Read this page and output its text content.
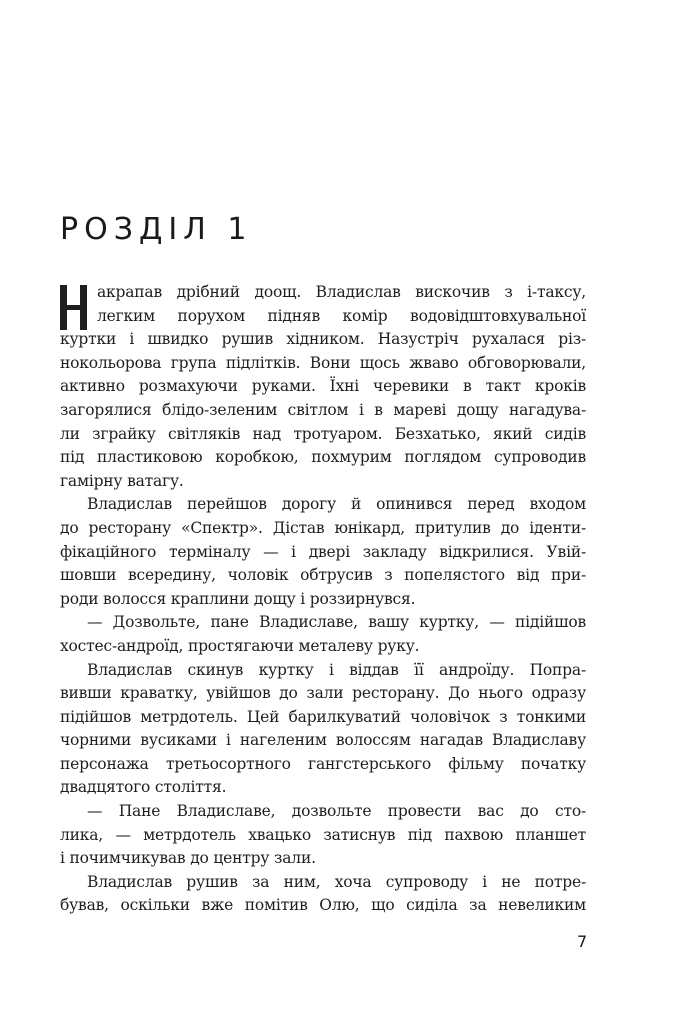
РОЗДІЛ 1
акрапав дрібний доощ. Владислав вискочив з і-таксу,
легким порухом підняв комір водовідштовхувальної
куртки і швидко рушив хідником. Назустріч рухалася різ-
нокольорова група підлітків. Вони щось жваво обговорювали,
активно розмахуючи руками. Їхні черевики в такт кроків
загорялися блідо-зеленим світлом і в мареві дощу нагадува-
ли зграйку світляків над тротуаром. Безхатько, який сидів
під пластиковою коробкою, похмурим поглядом супроводив
гамірну ватагу.
Владислав перейшов дорогу й опинився перед входом
до ресторану «Спектр». Дістав юнікард, притулив до іденти-
фікаційного терміналу — і двері закладу відкрилися. Увій-
шовши всередину, чоловік обтрусив з попелястого від при-
роди волосся краплини дощу і роззирнувся.
— Дозвольте, пане Владиславе, вашу куртку, — підійшов
хостес-андроїд, простягаючи металеву руку.
Владислав скинув куртку і віддав її андроїду. Попра-
вивши краватку, увійшов до зали ресторану. До нього одразу
підійшов метрдотель. Цей барилкуватий чоловічок з тонкими
чорними вусиками і нагеленим волоссям нагадав Владиславу
персонажа третьосортного гангстерського фільму початку
двадцятого століття.
— Пане Владиславе, дозвольте провести вас до сто-
лика, — метрдотель хвацько затиснув під пахвою планшет
і почимчикував до центру зали.
Владислав рушив за ним, хоча супроводу і не потре-
бував, оскільки вже помітив Олю, що сиділа за невеликим
7
